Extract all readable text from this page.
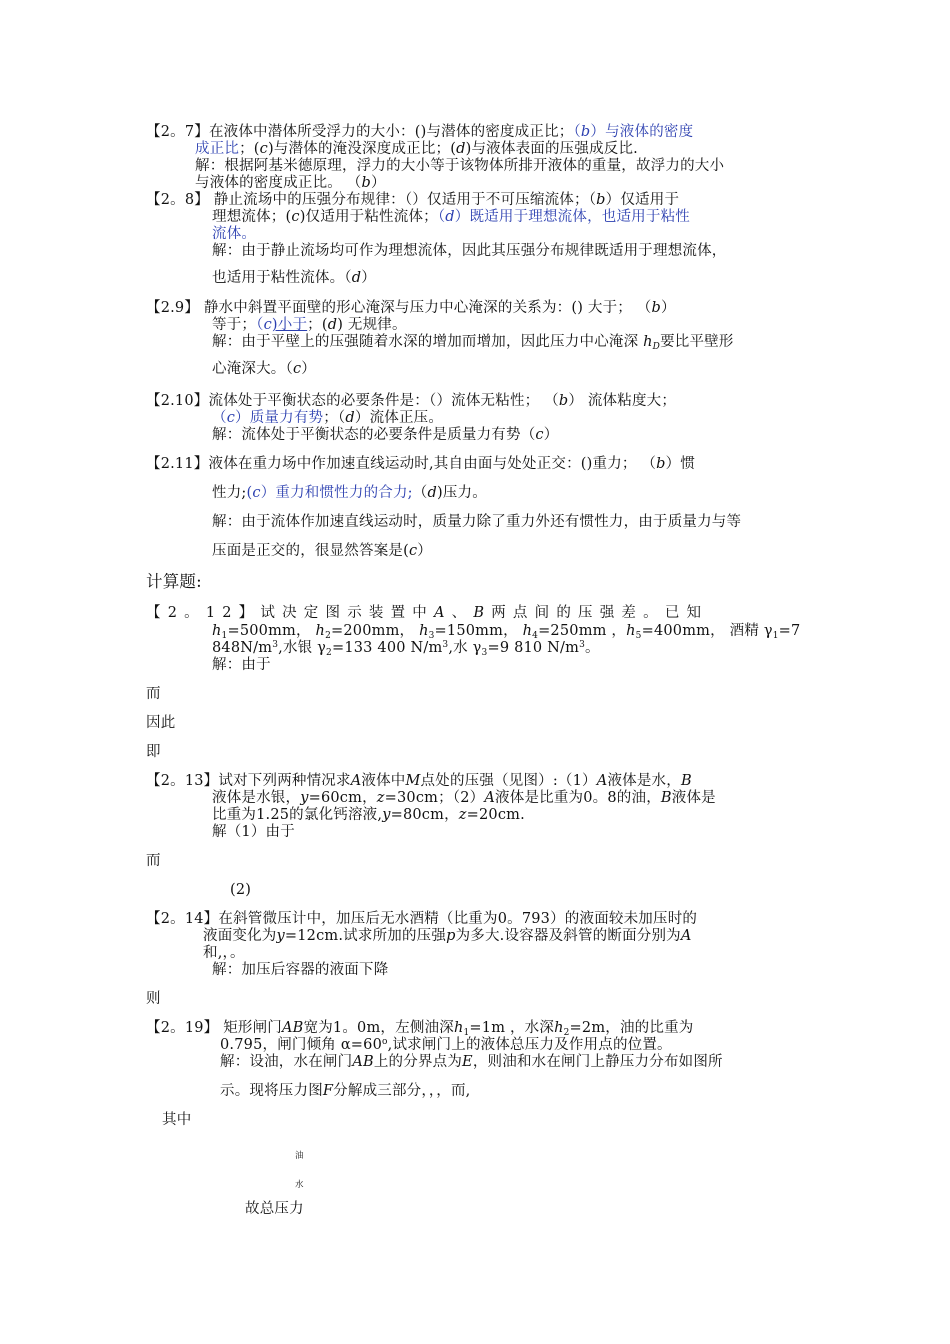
【2。7】在液体中潜体所受浮力的大小：()与潜体的密度成正比；（b）与液体的密度
成正比；(c)与潜体的淹没深度成正比；(d)与液体表面的压强成反比.
解：根据阿基米德原理，浮力的大小等于该物体所排开液体的重量，故浮力的大小
与液体的密度成正比。 （b）
【2。8】 静止流场中的压强分布规律：（）仅适用于不可压缩流体；（b）仅适用于
理想流体；(c)仅适用于粘性流体；（d）既适用于理想流体，也适用于粘性
流体。
解：由于静止流场均可作为理想流体，因此其压强分布规律既适用于理想流体，
也适用于粘性流体。（d）
【2.9】 静水中斜置平面壁的形心淹深与压力中心淹深的关系为：() 大于； （b）
等于；（c)小于；(d) 无规律。
解：由于平壁上的压强随着水深的增加而增加，因此压力中心淹深 $h_D$要比平壁形
心淹深大。（c）
【2.10】流体处于平衡状态的必要条件是：（）流体无粘性； （b） 流体粘度大；
（c）质量力有势；（d）流体正压。
解：流体处于平衡状态的必要条件是质量力有势（c）
【2.11】液体在重力场中作加速直线运动时,其自由面与处处正交：()重力； （b）惯
性力;(c）重力和惯性力的合力;（d)压力。
解：由于流体作加速直线运动时，质量力除了重力外还有惯性力，由于质量力与等
压面是正交的，很显然答案是(c）
计算题:
【2。12】试决定图示装置中A、B两点间的压强差。已知
$h_1=500mm$， $h_2=200mm$， $h_3=150mm$， $h_4=250mm$ ，$h_5=400mm$， 酒精 $\gamma_1=7$
$848N/m^3$,水银 $\gamma_2=133$ 400 $N/m^3$,水 $\gamma_3=9$ 810 $N/m^3$。
解：由于
而
因此
即
【2。13】试对下列两种情况求A液体中M点处的压强（见图）:（1）A液体是水，B
液体是水银，y=60cm，z=30cm；（2）A液体是比重为0。8的油，B液体是
比重为1.25的氯化钙溶液,y=80cm，z=20cm.
解（1）由于
而
(2)
【2。14】在斜管微压计中，加压后无水酒精（比重为0。793）的液面较未加压时的
液面变化为y=12cm.试求所加的压强p为多大.设容器及斜管的断面分别为A
和,，。
解：加压后容器的液面下降
则
【2。19】 矩形闸门AB宽为1。0m，左侧油深$h_1=1m$ ，水深$h_2=2m$，油的比重为
0.795，闸门倾角 $\alpha=60^o$,试求闸门上的液体总压力及作用点的位置。
解：设油，水在闸门AB上的分界点为E，则油和水在闸门上静压力分布如图所
示。现将压力图F分解成三部分，，，而,
其中
油
水
故总压力
